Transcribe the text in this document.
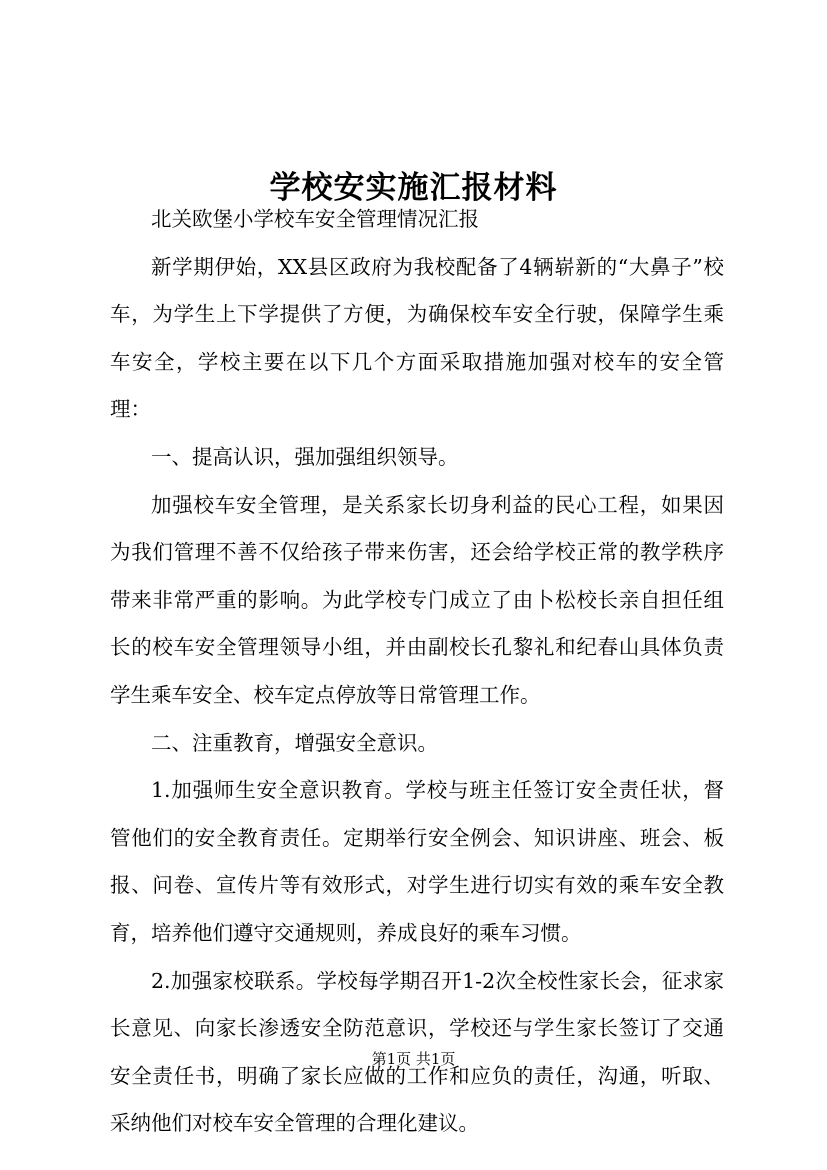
学校安实施汇报材料

北关欧堡小学校车安全管理情况汇报

新学期伊始，XX县区政府为我校配备了4辆崭新的“大鼻子”校车，为学生上下学提供了方便，为确保校车安全行驶，保障学生乘车安全，学校主要在以下几个方面采取措施加强对校车的安全管理：

一、提高认识，强加强组织领导。

加强校车安全管理，是关系家长切身利益的民心工程，如果因为我们管理不善不仅给孩子带来伤害，还会给学校正常的教学秩序带来非常严重的影响。为此学校专门成立了由卜松校长亲自担任组长的校车安全管理领导小组，并由副校长孔黎礼和纪春山具体负责学生乘车安全、校车定点停放等日常管理工作。

二、注重教育，增强安全意识。

1.加强师生安全意识教育。学校与班主任签订安全责任状，督管他们的安全教育责任。定期举行安全例会、知识讲座、班会、板报、问卷、宣传片等有效形式，对学生进行切实有效的乘车安全教育，培养他们遵守交通规则，养成良好的乘车习惯。

2.加强家校联系。学校每学期召开1-2次全校性家长会，征求家长意见、向家长渗透安全防范意识，学校还与学生家长签订了交通安全责任书，明确了家长应做的工作和应负的责任，沟通，听取、采纳他们对校车安全管理的合理化建议。

第1页 共1页
